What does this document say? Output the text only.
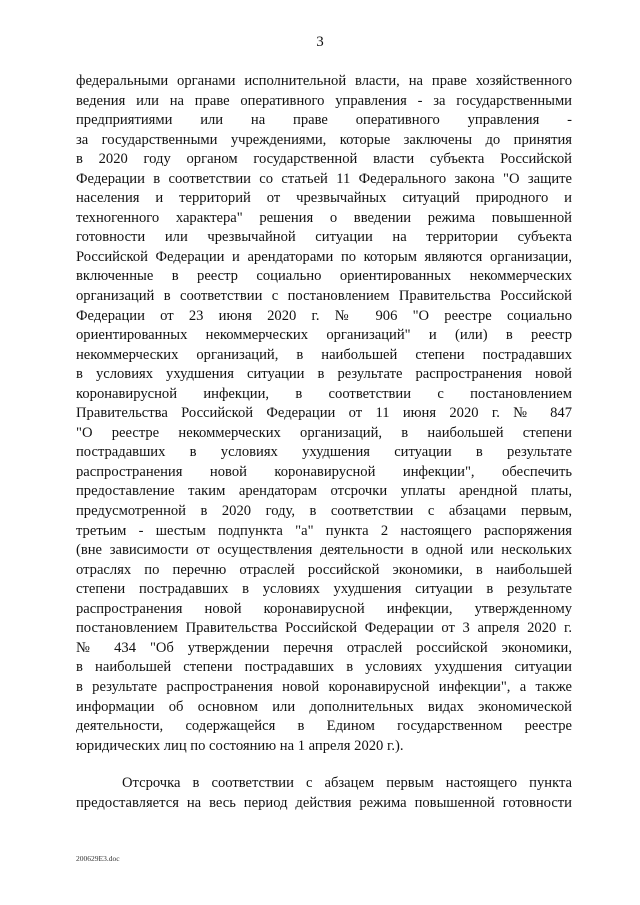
3

федеральными органами исполнительной власти, на праве хозяйственного
ведения или на праве оперативного управления - за государственными
предприятиями или на праве оперативного управления -
за государственными учреждениями, которые заключены до принятия
в 2020 году органом государственной власти субъекта Российской
Федерации в соответствии со статьей 11 Федерального закона "О защите
населения и территорий от чрезвычайных ситуаций природного и
техногенного характера" решения о введении режима повышенной
готовности или чрезвычайной ситуации на территории субъекта
Российской Федерации и арендаторами по которым являются организации,
включенные в реестр социально ориентированных некоммерческих
организаций в соответствии с постановлением Правительства Российской
Федерации от 23 июня 2020 г. № 906 "О реестре социально
ориентированных некоммерческих организаций" и (или) в реестр
некоммерческих организаций, в наибольшей степени пострадавших
в условиях ухудшения ситуации в результате распространения новой
коронавирусной инфекции, в соответствии с постановлением
Правительства Российской Федерации от 11 июня 2020 г. № 847
"О реестре некоммерческих организаций, в наибольшей степени
пострадавших в условиях ухудшения ситуации в результате
распространения новой коронавирусной инфекции", обеспечить
предоставление таким арендаторам отсрочки уплаты арендной платы,
предусмотренной в 2020 году, в соответствии с абзацами первым,
третьим - шестым подпункта "а" пункта 2 настоящего распоряжения
(вне зависимости от осуществления деятельности в одной или нескольких
отраслях по перечню отраслей российской экономики, в наибольшей
степени пострадавших в условиях ухудшения ситуации в результате
распространения новой коронавирусной инфекции, утвержденному
постановлением Правительства Российской Федерации от 3 апреля 2020 г.
№ 434 "Об утверждении перечня отраслей российской экономики,
в наибольшей степени пострадавших в условиях ухудшения ситуации
в результате распространения новой коронавирусной инфекции", а также
информации об основном или дополнительных видах экономической
деятельности, содержащейся в Едином государственном реестре
юридических лиц по состоянию на 1 апреля 2020 г.).

Отсрочка в соответствии с абзацем первым настоящего пункта
предоставляется на весь период действия режима повышенной готовности

200629E3.doc
